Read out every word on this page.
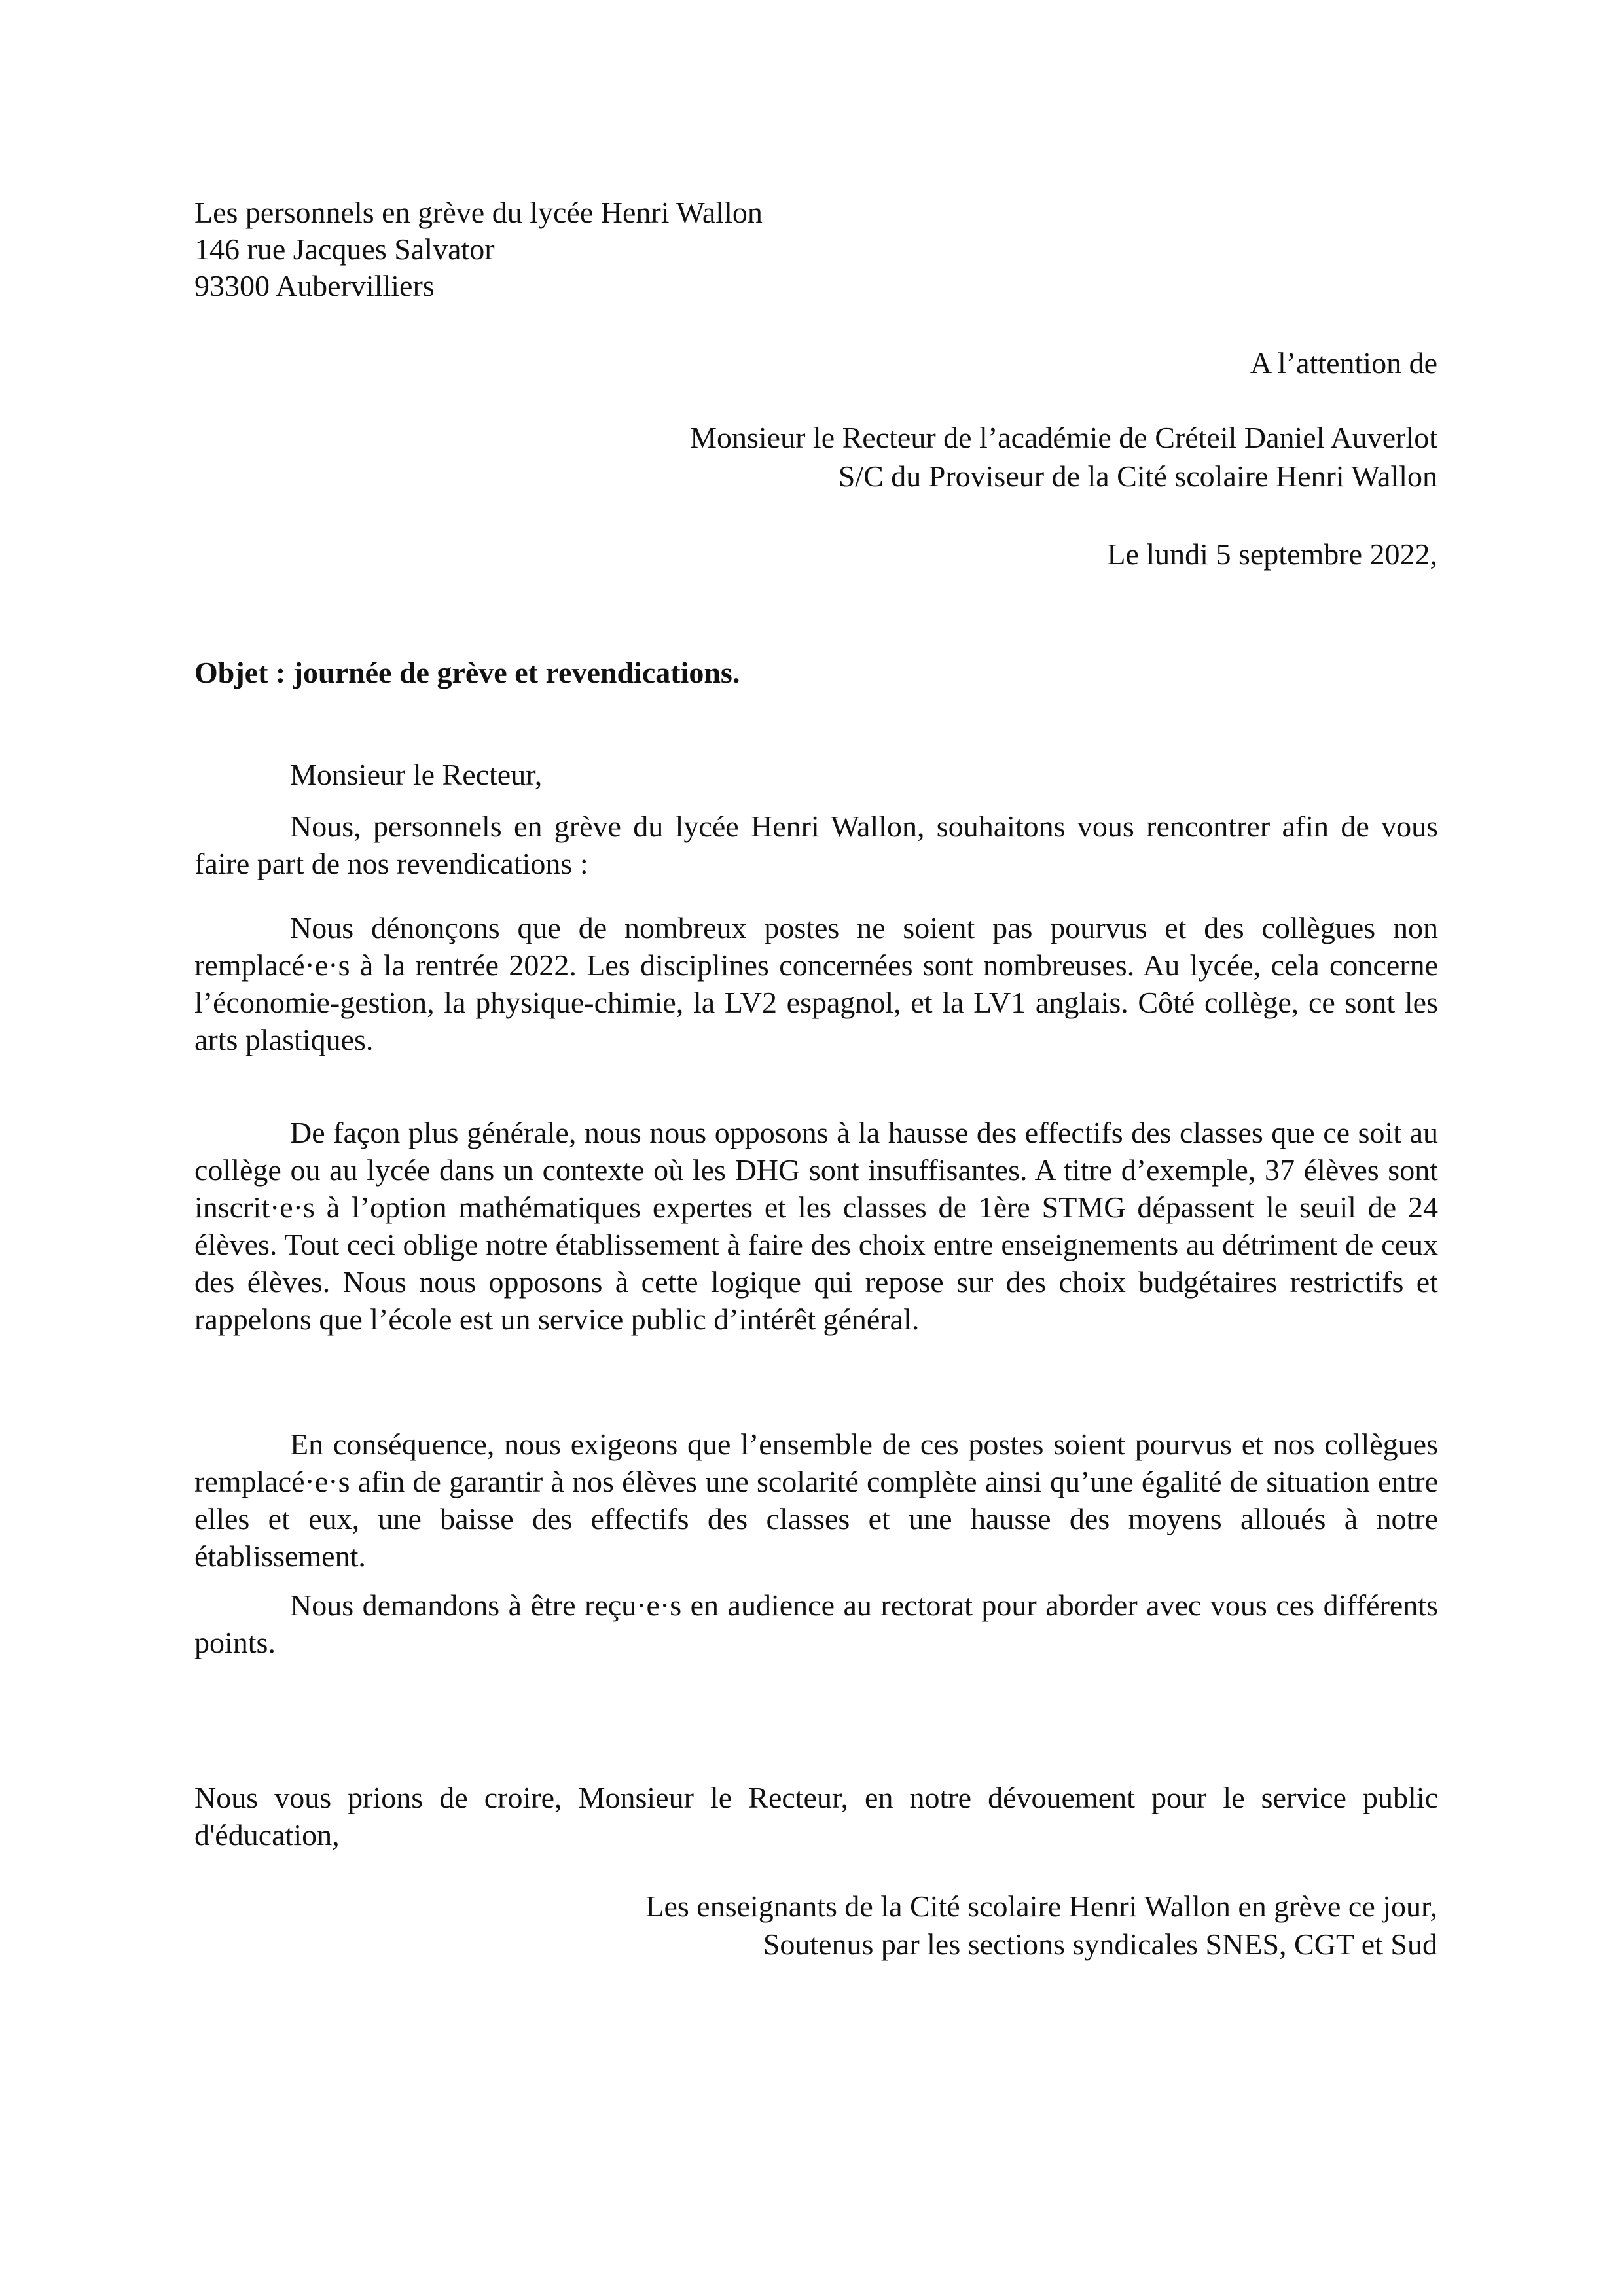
Les personnels en grève du lycée Henri Wallon
146 rue Jacques Salvator
93300 Aubervilliers
A l’attention de
Monsieur le Recteur de l’académie de Créteil Daniel Auverlot
S/C du Proviseur de la Cité scolaire Henri Wallon
Le lundi 5 septembre 2022,
Objet : journée de grève et revendications.
Monsieur le Recteur,

Nous, personnels en grève du lycée Henri Wallon, souhaitons vous rencontrer afin de vous faire part de nos revendications :

Nous dénonçons que de nombreux postes ne soient pas pourvus et des collègues non remplacé·e·s à la rentrée 2022. Les disciplines concernées sont nombreuses. Au lycée, cela concerne l’économie-gestion, la physique-chimie, la LV2 espagnol, et la LV1 anglais. Côté collège, ce sont les arts plastiques.

De façon plus générale, nous nous opposons à la hausse des effectifs des classes que ce soit au collège ou au lycée dans un contexte où les DHG sont insuffisantes. A titre d’exemple, 37 élèves sont inscrit·e·s à l’option mathématiques expertes et les classes de 1ère STMG dépassent le seuil de 24 élèves. Tout ceci oblige notre établissement à faire des choix entre enseignements au détriment de ceux des élèves. Nous nous opposons à cette logique qui repose sur des choix budgétaires restrictifs et rappelons que l’école est un service public d’intérêt général.

En conséquence, nous exigeons que l’ensemble de ces postes soient pourvus et nos collègues remplacé·e·s afin de garantir à nos élèves une scolarité complète ainsi qu’une égalité de situation entre elles et eux, une baisse des effectifs des classes et une hausse des moyens alloués à notre établissement.

Nous demandons à être reçu·e·s en audience au rectorat pour aborder avec vous ces différents points.

Nous vous prions de croire, Monsieur le Recteur, en notre dévouement pour le service public d'éducation,

Les enseignants de la Cité scolaire Henri Wallon en grève ce jour,
Soutenus par les sections syndicales SNES, CGT et Sud
